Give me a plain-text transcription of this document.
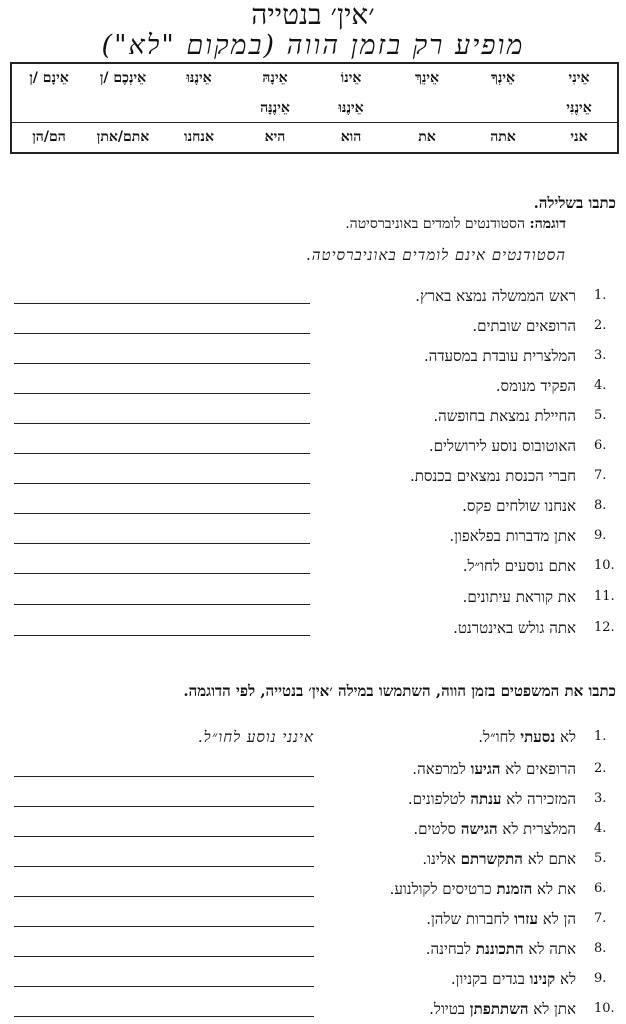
׳אין׳ בנטייה
מופיע רק בזמן הווה (במקום "לא")
אֵינִי
אֵינְךָ
אֵינֵךְ
אֵינוֹ
אֵינָהּ
אֵינֶנּוּ
אֵינְכֶם /ן
אֵינָם /ן
אֵינֶנִּי
אֵינֶנּוּ
אֵינֶנָּה
אני
אתה
את
הוא
היא
אנחנו
אתם/אתן
הם/הן
כתבו בשלילה.
דוגמה: הסטודנטים לומדים באוניברסיטה.
הסטודנטים אינם לומדים באוניברסיטה.
1.
ראש הממשלה נמצא בארץ.
2.
הרופאים שובתים.
3.
המלצרית עובדת במסעדה.
4.
הפקיד מנומס.
5.
החיילת נמצאת בחופשה.
6.
האוטובוס נוסע לירושלים.
7.
חברי הכנסת נמצאים בכנסת.
8.
אנחנו שולחים פקס.
9.
אתן מדברות בפלאפון.
10.
אתם נוסעים לחו״ל.
11.
את קוראת עיתונים.
12.
אתה גולש באינטרנט.
כתבו את המשפטים בזמן הווה, השתמשו במילה ׳אין׳ בנטייה, לפי הדוגמה.
אינני נוסע לחו״ל.	1.
לא נסעתי לחו״ל.
2.
הרופאים לא הגיעו למרפאה.
3.
המזכירה לא ענתה לטלפונים.
4.
המלצרית לא הגישה סלטים.
5.
אתם לא התקשרתם אלינו.
6.
את לא הזמנת כרטיסים לקולנוע.
7.
הן לא עזרו לחברות שלהן.
8.
אתה לא התכוננת לבחינה.
9.
לא קנינו בגדים בקניון.
10.
אתן לא השתתפתן בטיול.
